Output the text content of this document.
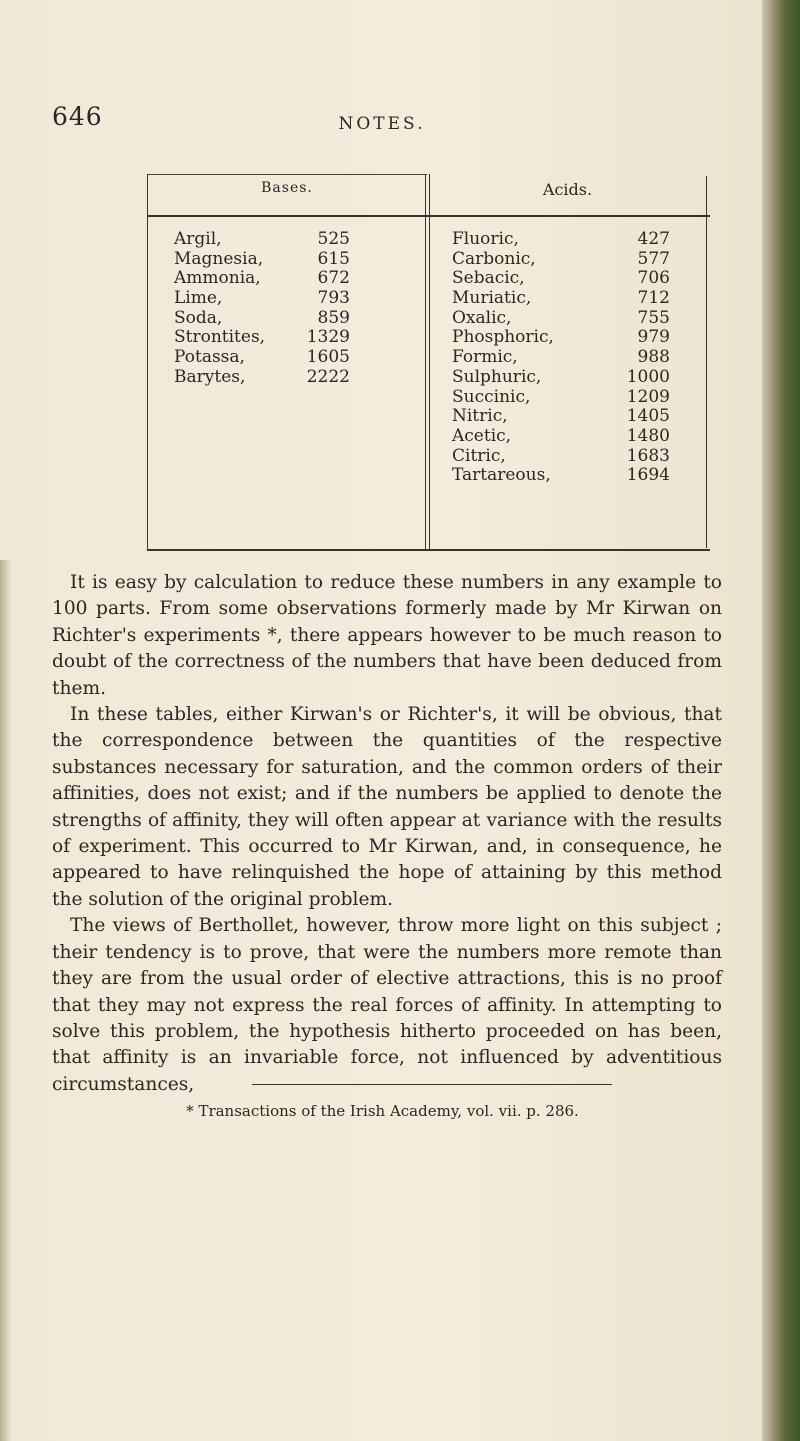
646	NOTES.
Bases.	Acids.
Argil,
Magnesia,
Ammonia,
Lime,
Soda,
Strontites,
Potassa,
Barytes,
525
615
672
793
859
1329
1605
2222
Fluoric,
Carbonic,
Sebacic,
Muriatic,
Oxalic,
Phosphoric,
Formic,
Sulphuric,
Succinic,
Nitric,
Acetic,
Citric,
Tartareous,
427
577
706
712
755
979
988
1000
1209
1405
1480
1683
1694

It is easy by calculation to reduce these numbers in any example to 100 parts. From some observations formerly made by Mr Kirwan on Richter's experiments *, there appears however to be much reason to doubt of the correctness of the numbers that have been deduced from them.

In these tables, either Kirwan's or Richter's, it will be obvious, that the correspondence between the quantities of the respective substances necessary for saturation, and the common orders of their affinities, does not exist; and if the numbers be applied to denote the strengths of affinity, they will often appear at variance with the results of experiment. This occurred to Mr Kirwan, and, in consequence, he appeared to have relinquished the hope of attaining by this method the solution of the original problem.

The views of Berthollet, however, throw more light on this subject ; their tendency is to prove, that were the numbers more remote than they are from the usual order of elective attractions, this is no proof that they may not express the real forces of affinity. In attempting to solve this problem, the hypothesis hitherto proceeded on has been, that affinity is an invariable force, not influenced by adventitious circumstances,

* Transactions of the Irish Academy, vol. vii. p. 286.
